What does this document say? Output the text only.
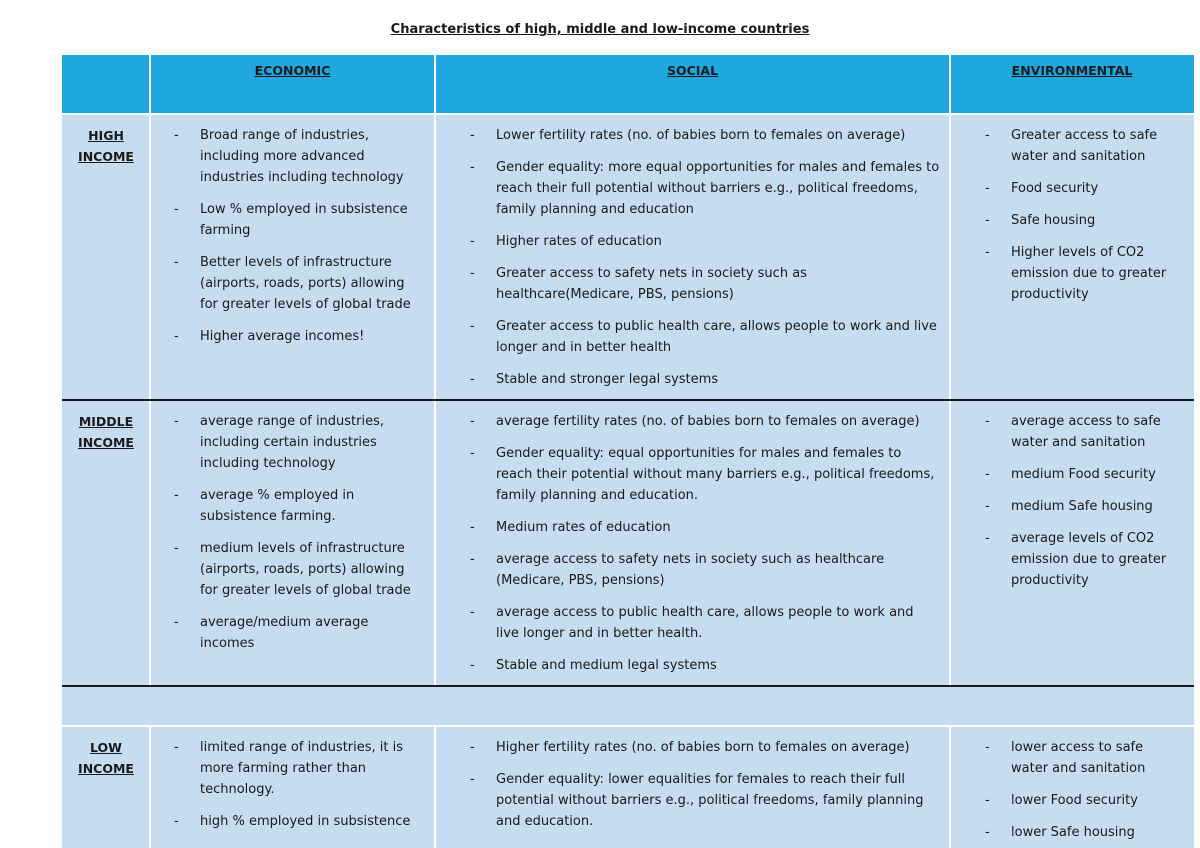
Characteristics of high, middle and low-income countries
ECONOMIC	SOCIAL	ENVIRONMENTAL
HIGH
INCOME
- Broad range of industries, including more advanced industries including technology
- Low % employed in subsistence farming
- Better levels of infrastructure (airports, roads, ports) allowing for greater levels of global trade
- Higher average incomes!
- Lower fertility rates (no. of babies born to females on average)
- Gender equality: more equal opportunities for males and females to reach their full potential without barriers e.g., political freedoms, family planning and education
- Higher rates of education
- Greater access to safety nets in society such as healthcare(Medicare, PBS, pensions)
- Greater access to public health care, allows people to work and live longer and in better health
- Stable and stronger legal systems
- Greater access to safe water and sanitation
- Food security
- Safe housing
- Higher levels of CO2 emission due to greater productivity
MIDDLE
INCOME
- average range of industries, including certain industries including technology
- average % employed in subsistence farming.
- medium levels of infrastructure (airports, roads, ports) allowing for greater levels of global trade
- average/medium average incomes
- average fertility rates (no. of babies born to females on average)
- Gender equality: equal opportunities for males and females to reach their potential without many barriers e.g., political freedoms, family planning and education.
- Medium rates of education
- average access to safety nets in society such as healthcare (Medicare, PBS, pensions)
- average access to public health care, allows people to work and live longer and in better health.
- Stable and medium legal systems
- average access to safe water and sanitation
- medium Food security
- medium Safe housing
- average levels of CO2 emission due to greater productivity
LOW
INCOME
- limited range of industries, it is more farming rather than technology.
- high % employed in subsistence
- Higher fertility rates (no. of babies born to females on average)
- Gender equality: lower equalities for females to reach their full potential without barriers e.g., political freedoms, family planning and education.
- lower access to safe water and sanitation
- lower Food security
- lower Safe housing
